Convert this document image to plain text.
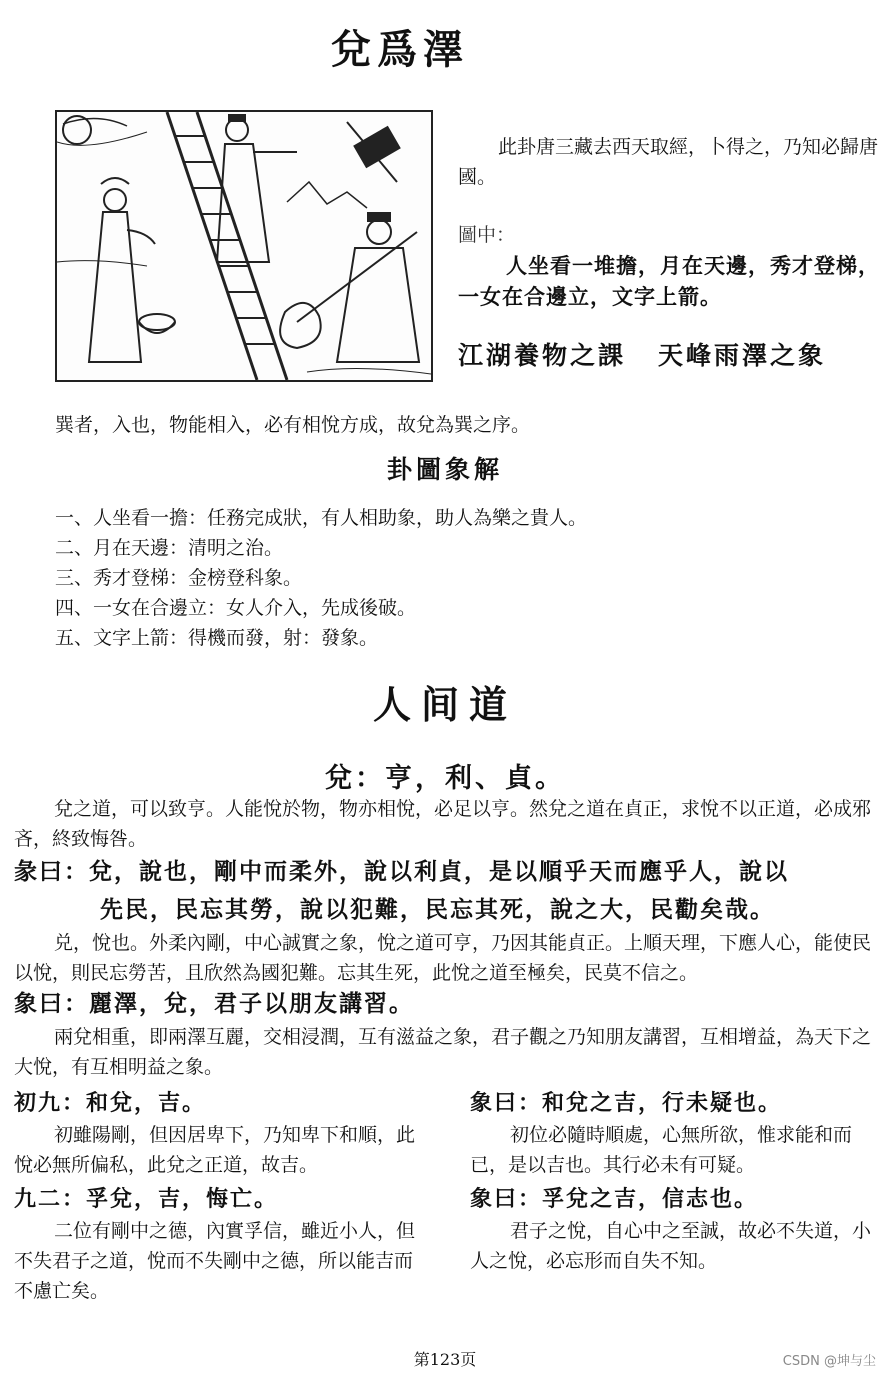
兌爲澤
此卦唐三藏去西天取經，卜得之，乃知必歸唐國。
圖中：

人坐看一堆擔，月在天邊，秀才登梯，

一女在合邊立，文字上箭。

江湖養物之課 天峰雨澤之象
巽者，入也，物能相入，必有相悅方成，故兌為巽之序。
卦圖象解
一、人坐看一擔：任務完成狀，有人相助象，助人為樂之貴人。
二、月在天邊：清明之治。
三、秀才登梯：金榜登科象。
四、一女在合邊立：女人介入，先成後破。
五、文字上箭：得機而發，射：發象。
人间道
兌：亨，利、貞。

兌之道，可以致亨。人能悅於物，物亦相悅，必足以亨。然兌之道在貞正，求悅不以正道，必成邪吝，終致悔咎。

彖曰：兌，說也，剛中而柔外，說以利貞，是以順乎天而應乎人，說以
先民，民忘其勞，說以犯難，民忘其死，說之大，民勸矣哉。

兑，悅也。外柔內剛，中心誠實之象，悅之道可亨，乃因其能貞正。上順天理，下應人心，能使民以悅，則民忘勞苦，且欣然為國犯難。忘其生死，此悅之道至極矣，民莫不信之。

象曰：麗澤，兌，君子以朋友講習。

兩兌相重，即兩澤互麗，交相浸潤，互有滋益之象，君子觀之乃知朋友講習，互相增益，為天下之大悅，有互相明益之象。

初九：和兌，吉。

初雖陽剛，但因居卑下，乃知卑下和順，此悅必無所偏私，此兌之正道，故吉。

象曰：和兌之吉，行未疑也。

初位必隨時順處，心無所欲，惟求能和而已，是以吉也。其行必未有可疑。

九二：孚兌，吉，悔亡。

二位有剛中之德，內實孚信，雖近小人，但不失君子之道，悅而不失剛中之德，所以能吉而不慮亡矣。

象曰：孚兌之吉，信志也。

君子之悅，自心中之至誠，故必不失道，小人之悅，必忘形而自失不知。

第123页	CSDN @坤与尘
